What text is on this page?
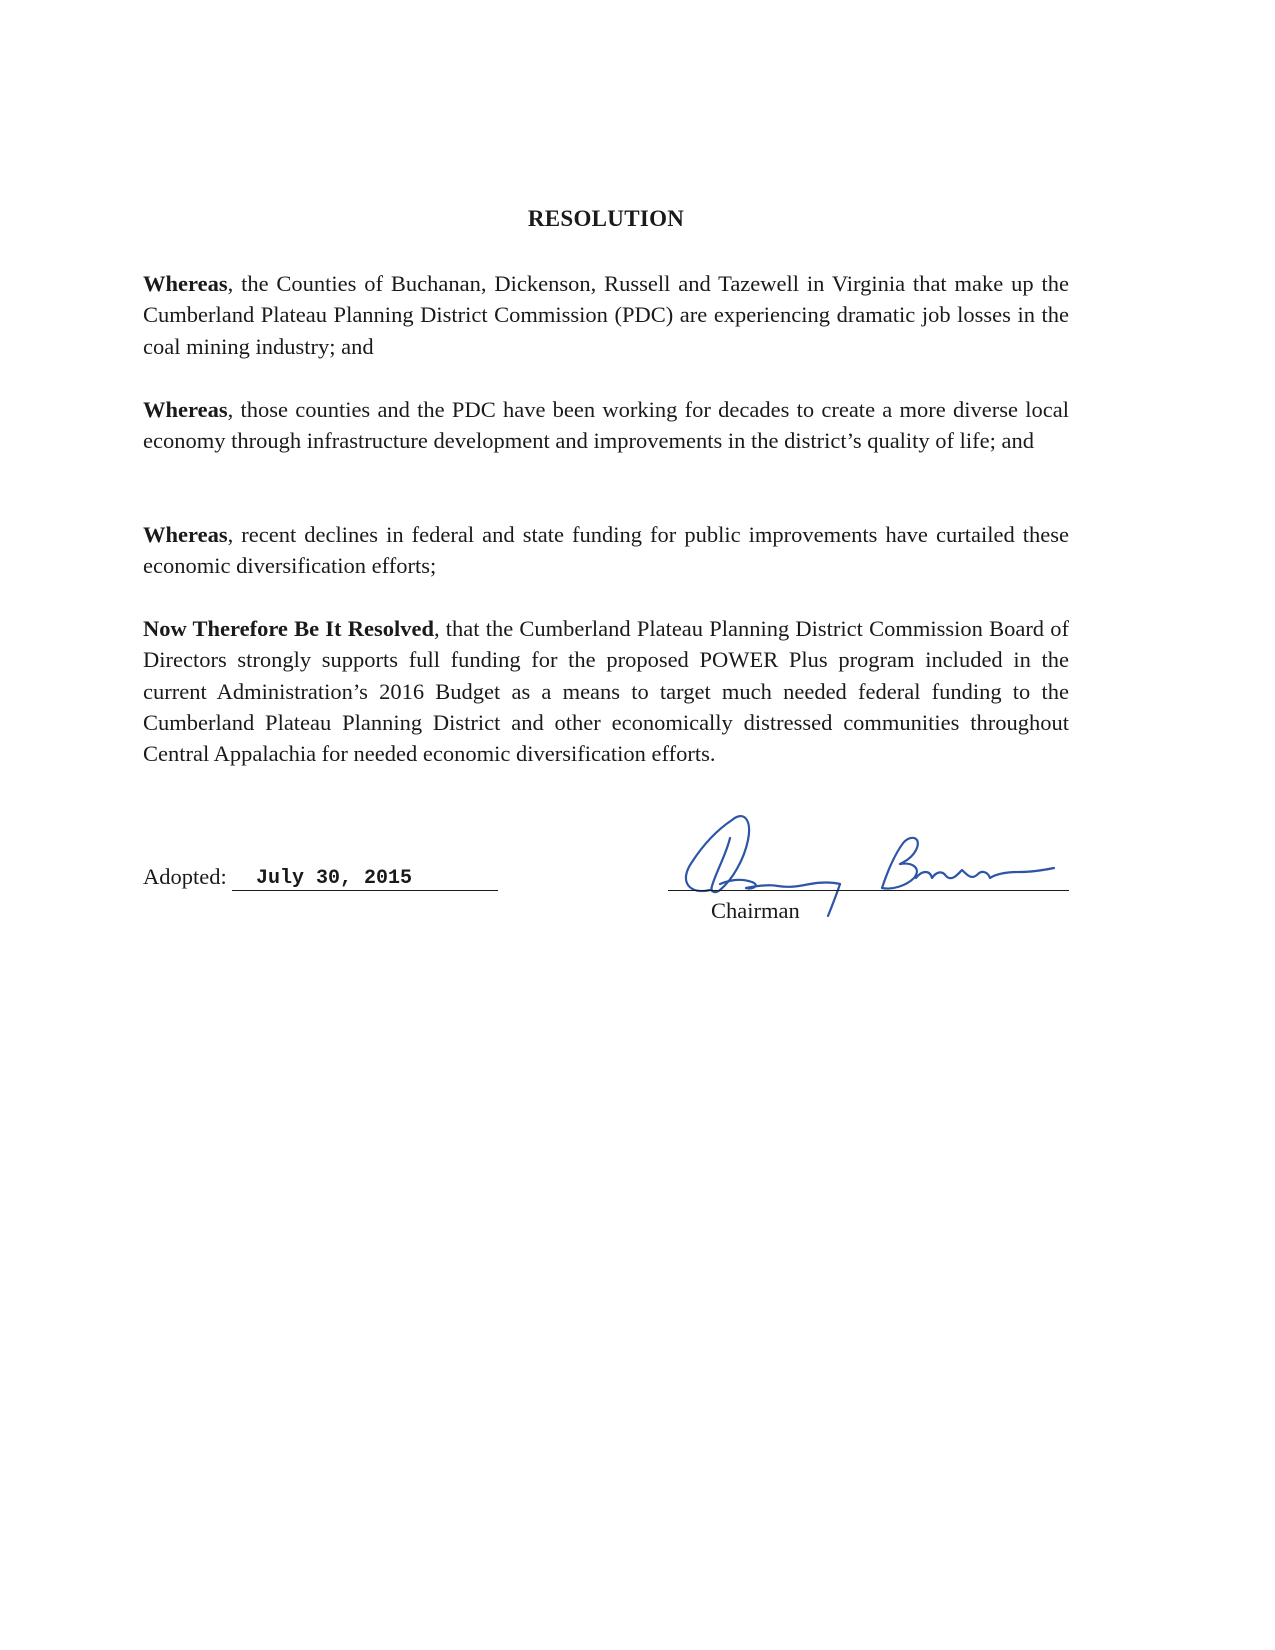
RESOLUTION

Whereas, the Counties of Buchanan, Dickenson, Russell and Tazewell in Virginia that make up the Cumberland Plateau Planning District Commission (PDC) are experiencing dramatic job losses in the coal mining industry; and

Whereas, those counties and the PDC have been working for decades to create a more diverse local economy through infrastructure development and improvements in the district’s quality of life; and

Whereas, recent declines in federal and state funding for public improvements have curtailed these economic diversification efforts;

Now Therefore Be It Resolved, that the Cumberland Plateau Planning District Commission Board of Directors strongly supports full funding for the proposed POWER Plus program included in the current Administration’s 2016 Budget as a means to target much needed federal funding to the Cumberland Plateau Planning District and other economically distressed communities throughout Central Appalachia for needed economic diversification efforts.

Adopted: July 30, 2015
Chairman
